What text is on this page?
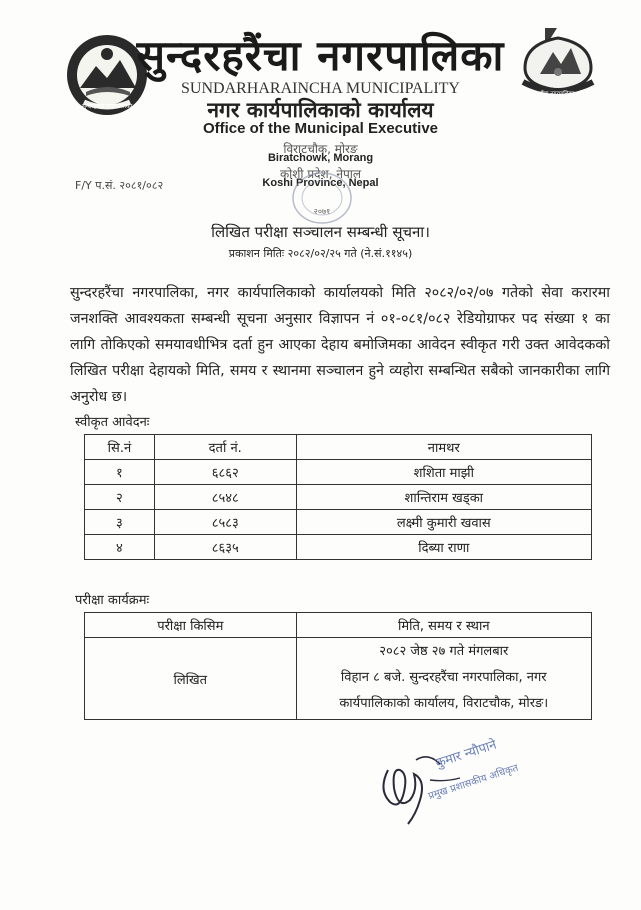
सुन्दरहरैंचा नगरपालिका
सुन्दरहरैंचा नगरपालिका, मोरङ
सुन्दरहरैंचा नगरपालिका
SUNDARHARAINCHA MUNICIPALITY
नगर कार्यपालिकाको कार्यालय
Office of the Municipal Executive
विराटचौक, मोरङ
Biratchowk, Morang
कोशी प्रदेश, नेपाल
Koshi Province, Nepal
२०७१
F/Y प.सं. २०८१/०८२
लिखित परीक्षा सञ्चालन सम्बन्धी सूचना।
प्रकाशन मितिः २०८२/०२/२५ गते (ने.सं.११४५)
सुन्दरहरैंचा नगरपालिका, नगर कार्यपालिकाको कार्यालयको मिति २०८२/०२/०७ गतेको सेवा करारमा जनशक्ति आवश्यकता सम्बन्धी सूचना अनुसार विज्ञापन नं ०१-०८१/०८२ रेडियोग्राफर पद संख्या १ का लागि तोकिएको समयावधीभित्र दर्ता हुन आएका देहाय बमोजिमका आवेदन स्वीकृत गरी उक्त आवेदकको लिखित परीक्षा देहायको मिति, समय र स्थानमा सञ्चालन हुने व्यहोरा सम्बन्धित सबैको जानकारीका लागि अनुरोध छ।
स्वीकृत आवेदनः
सि.नं	दर्ता नं.	नामथर
१	६८६२	शशिता माझी
२	८५४८	शान्तिराम खड्का
३	८५८३	लक्ष्मी कुमारी खवास
४	८६३५	दिब्या राणा
परीक्षा कार्यक्रमः
परीक्षा किसिम	मिति, समय र स्थान
लिखित	२०८२ जेष्ठ २७ गते मंगलबार
विहान ८ बजे. सुन्दरहरैंचा नगरपालिका, नगर
कार्यपालिकाको कार्यालय, विराटचौक, मोरङ।
कुमार न्यौपाने
प्रमुख प्रशासकीय अधिकृत
